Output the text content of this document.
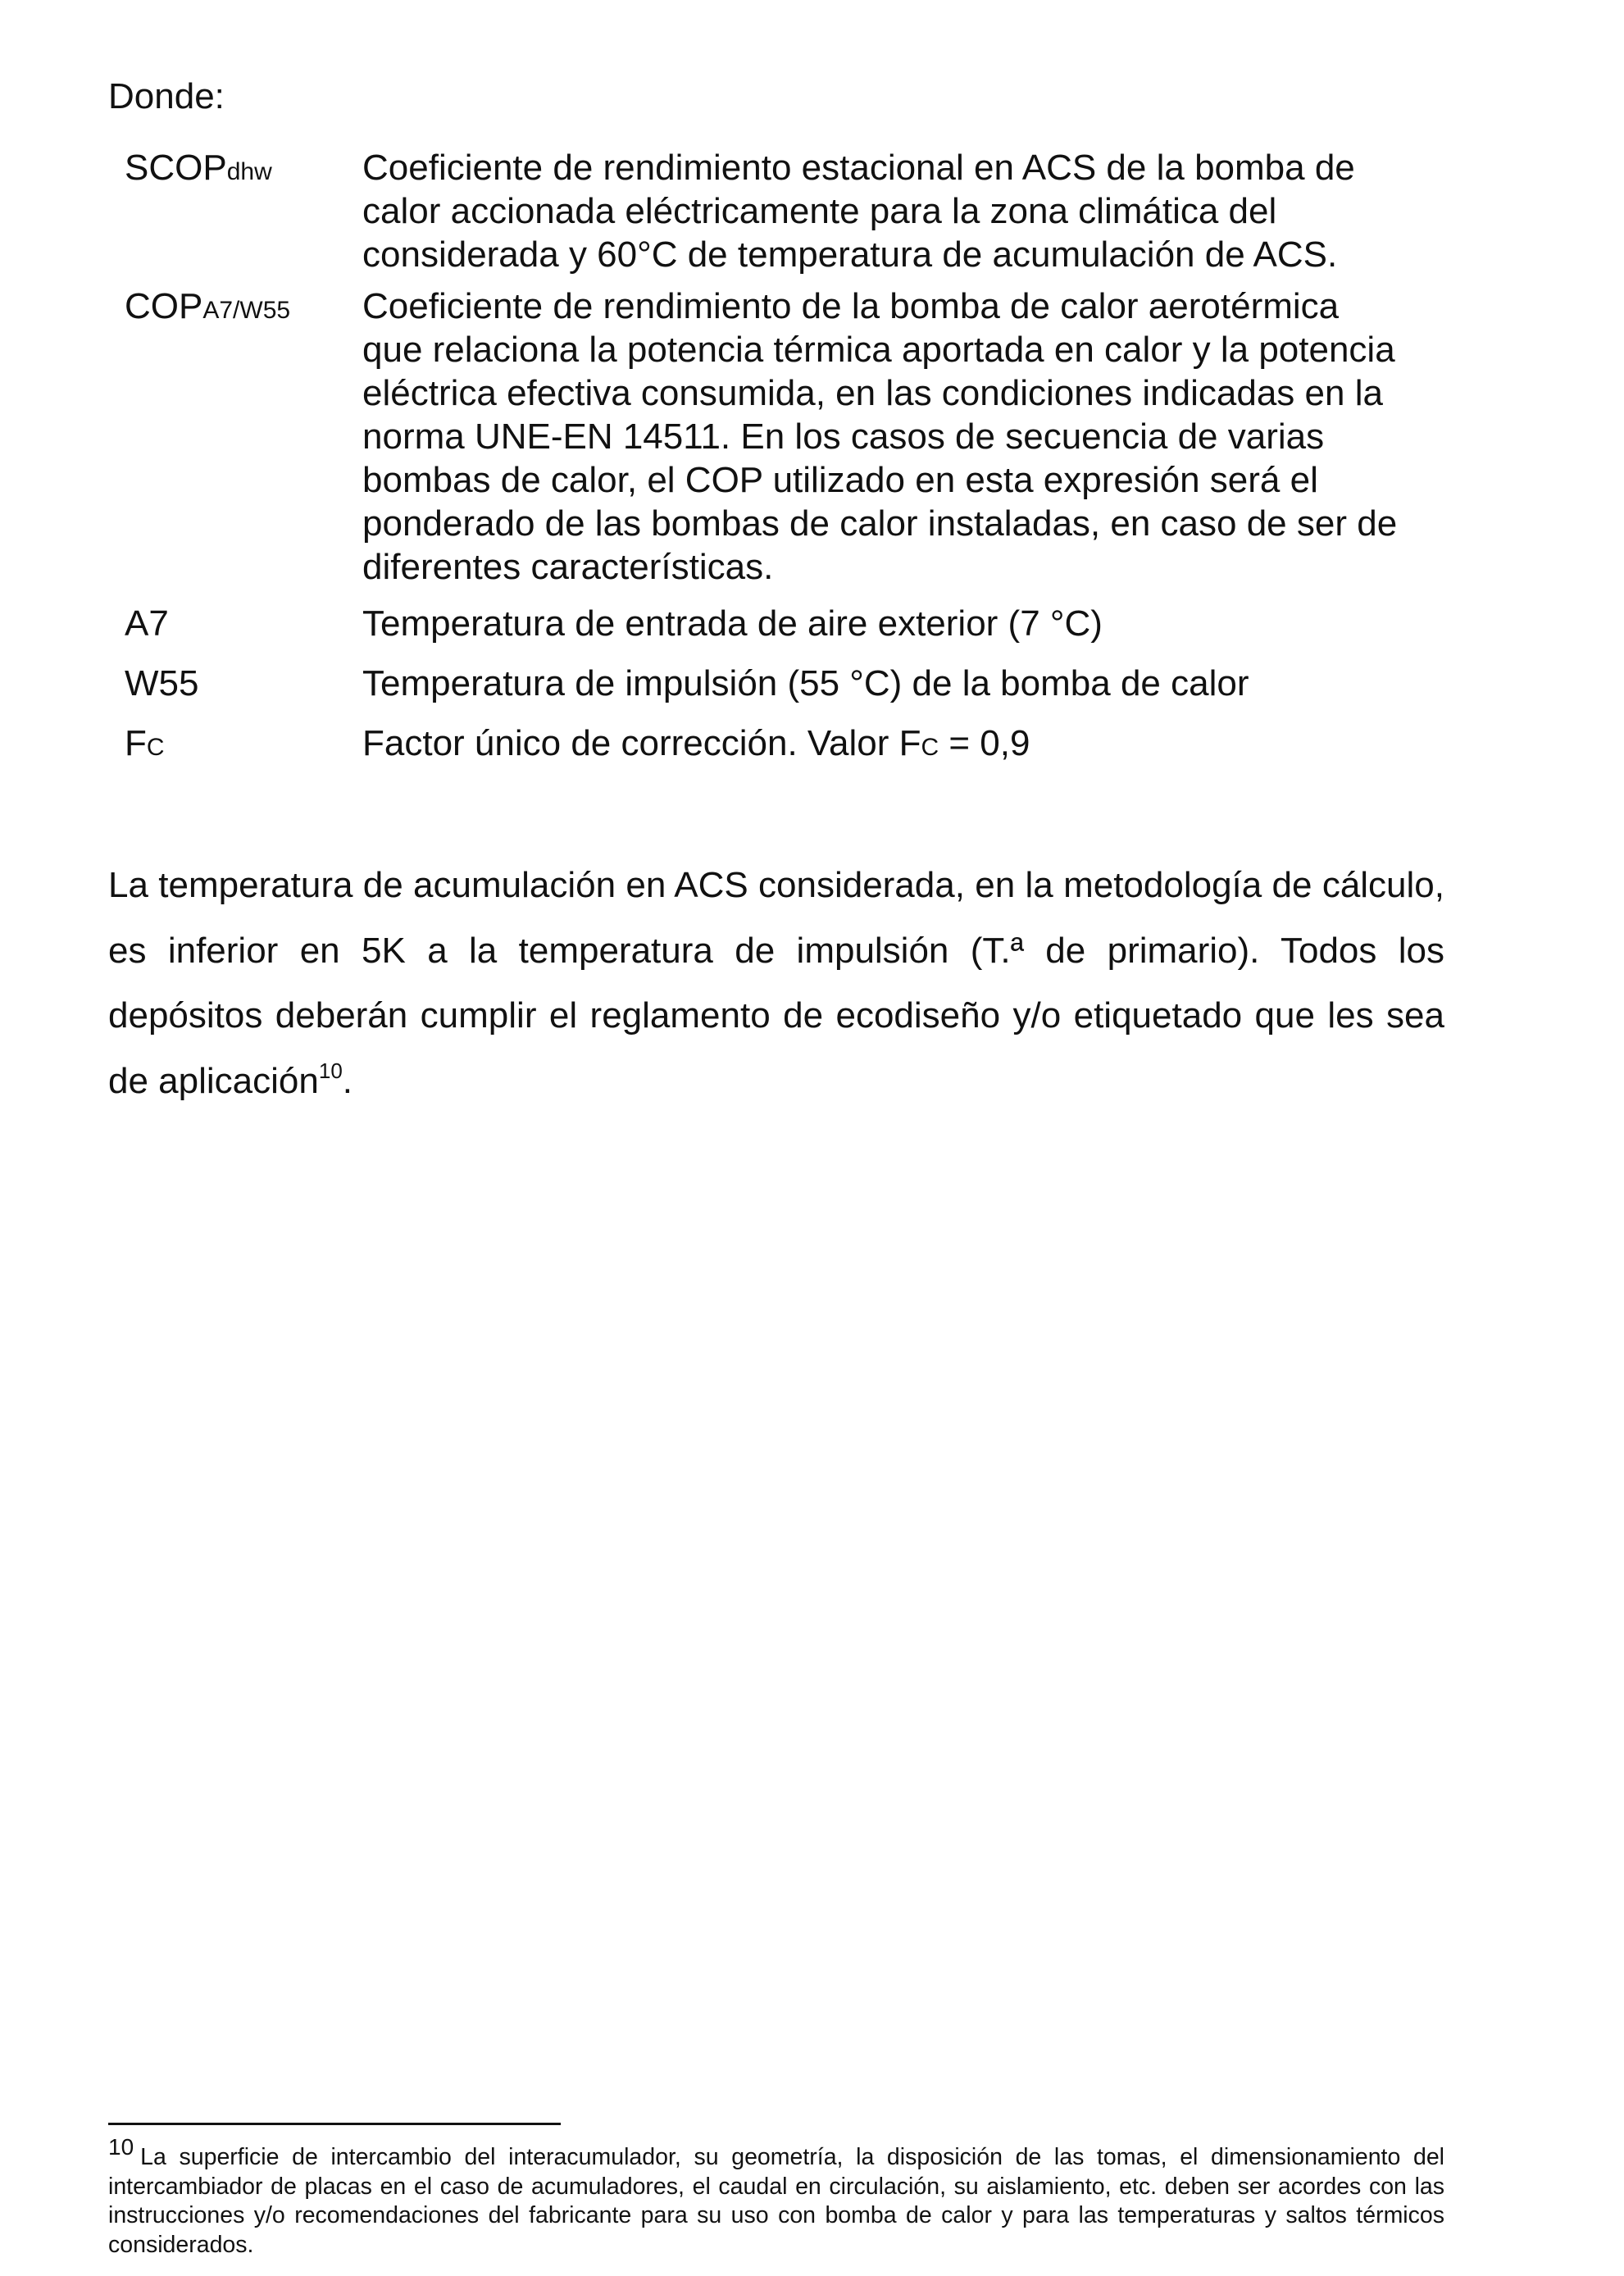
Donde:
SCOPdhw	Coeficiente de rendimiento estacional en ACS de la bomba de calor accionada eléctricamente para la zona climática del considerada y 60°C de temperatura de acumulación de ACS.
COPA7/W55 Coeficiente de rendimiento de la bomba de calor aerotérmica que relaciona la potencia térmica aportada en calor y la potencia eléctrica efectiva consumida, en las condiciones indicadas en la norma UNE-EN 14511. En los casos de secuencia de varias bombas de calor, el COP utilizado en esta expresión será el ponderado de las bombas de calor instaladas, en caso de ser de diferentes características.
A7	Temperatura de entrada de aire exterior (7 °C)
W55	Temperatura de impulsión (55 °C) de la bomba de calor
FC	Factor único de corrección. Valor FC = 0,9
La temperatura de acumulación en ACS considerada, en la metodología de cálculo, es inferior en 5K a la temperatura de impulsión (T.ª de primario). Todos los depósitos deberán cumplir el reglamento de ecodiseño y/o etiquetado que les sea de aplicación$^{10}$.
$^{10}$ La superficie de intercambio del interacumulador, su geometría, la disposición de las tomas, el dimensionamiento del intercambiador de placas en el caso de acumuladores, el caudal en circulación, su aislamiento, etc. deben ser acordes con las instrucciones y/o recomendaciones del fabricante para su uso con bomba de calor y para las temperaturas y saltos térmicos considerados.
